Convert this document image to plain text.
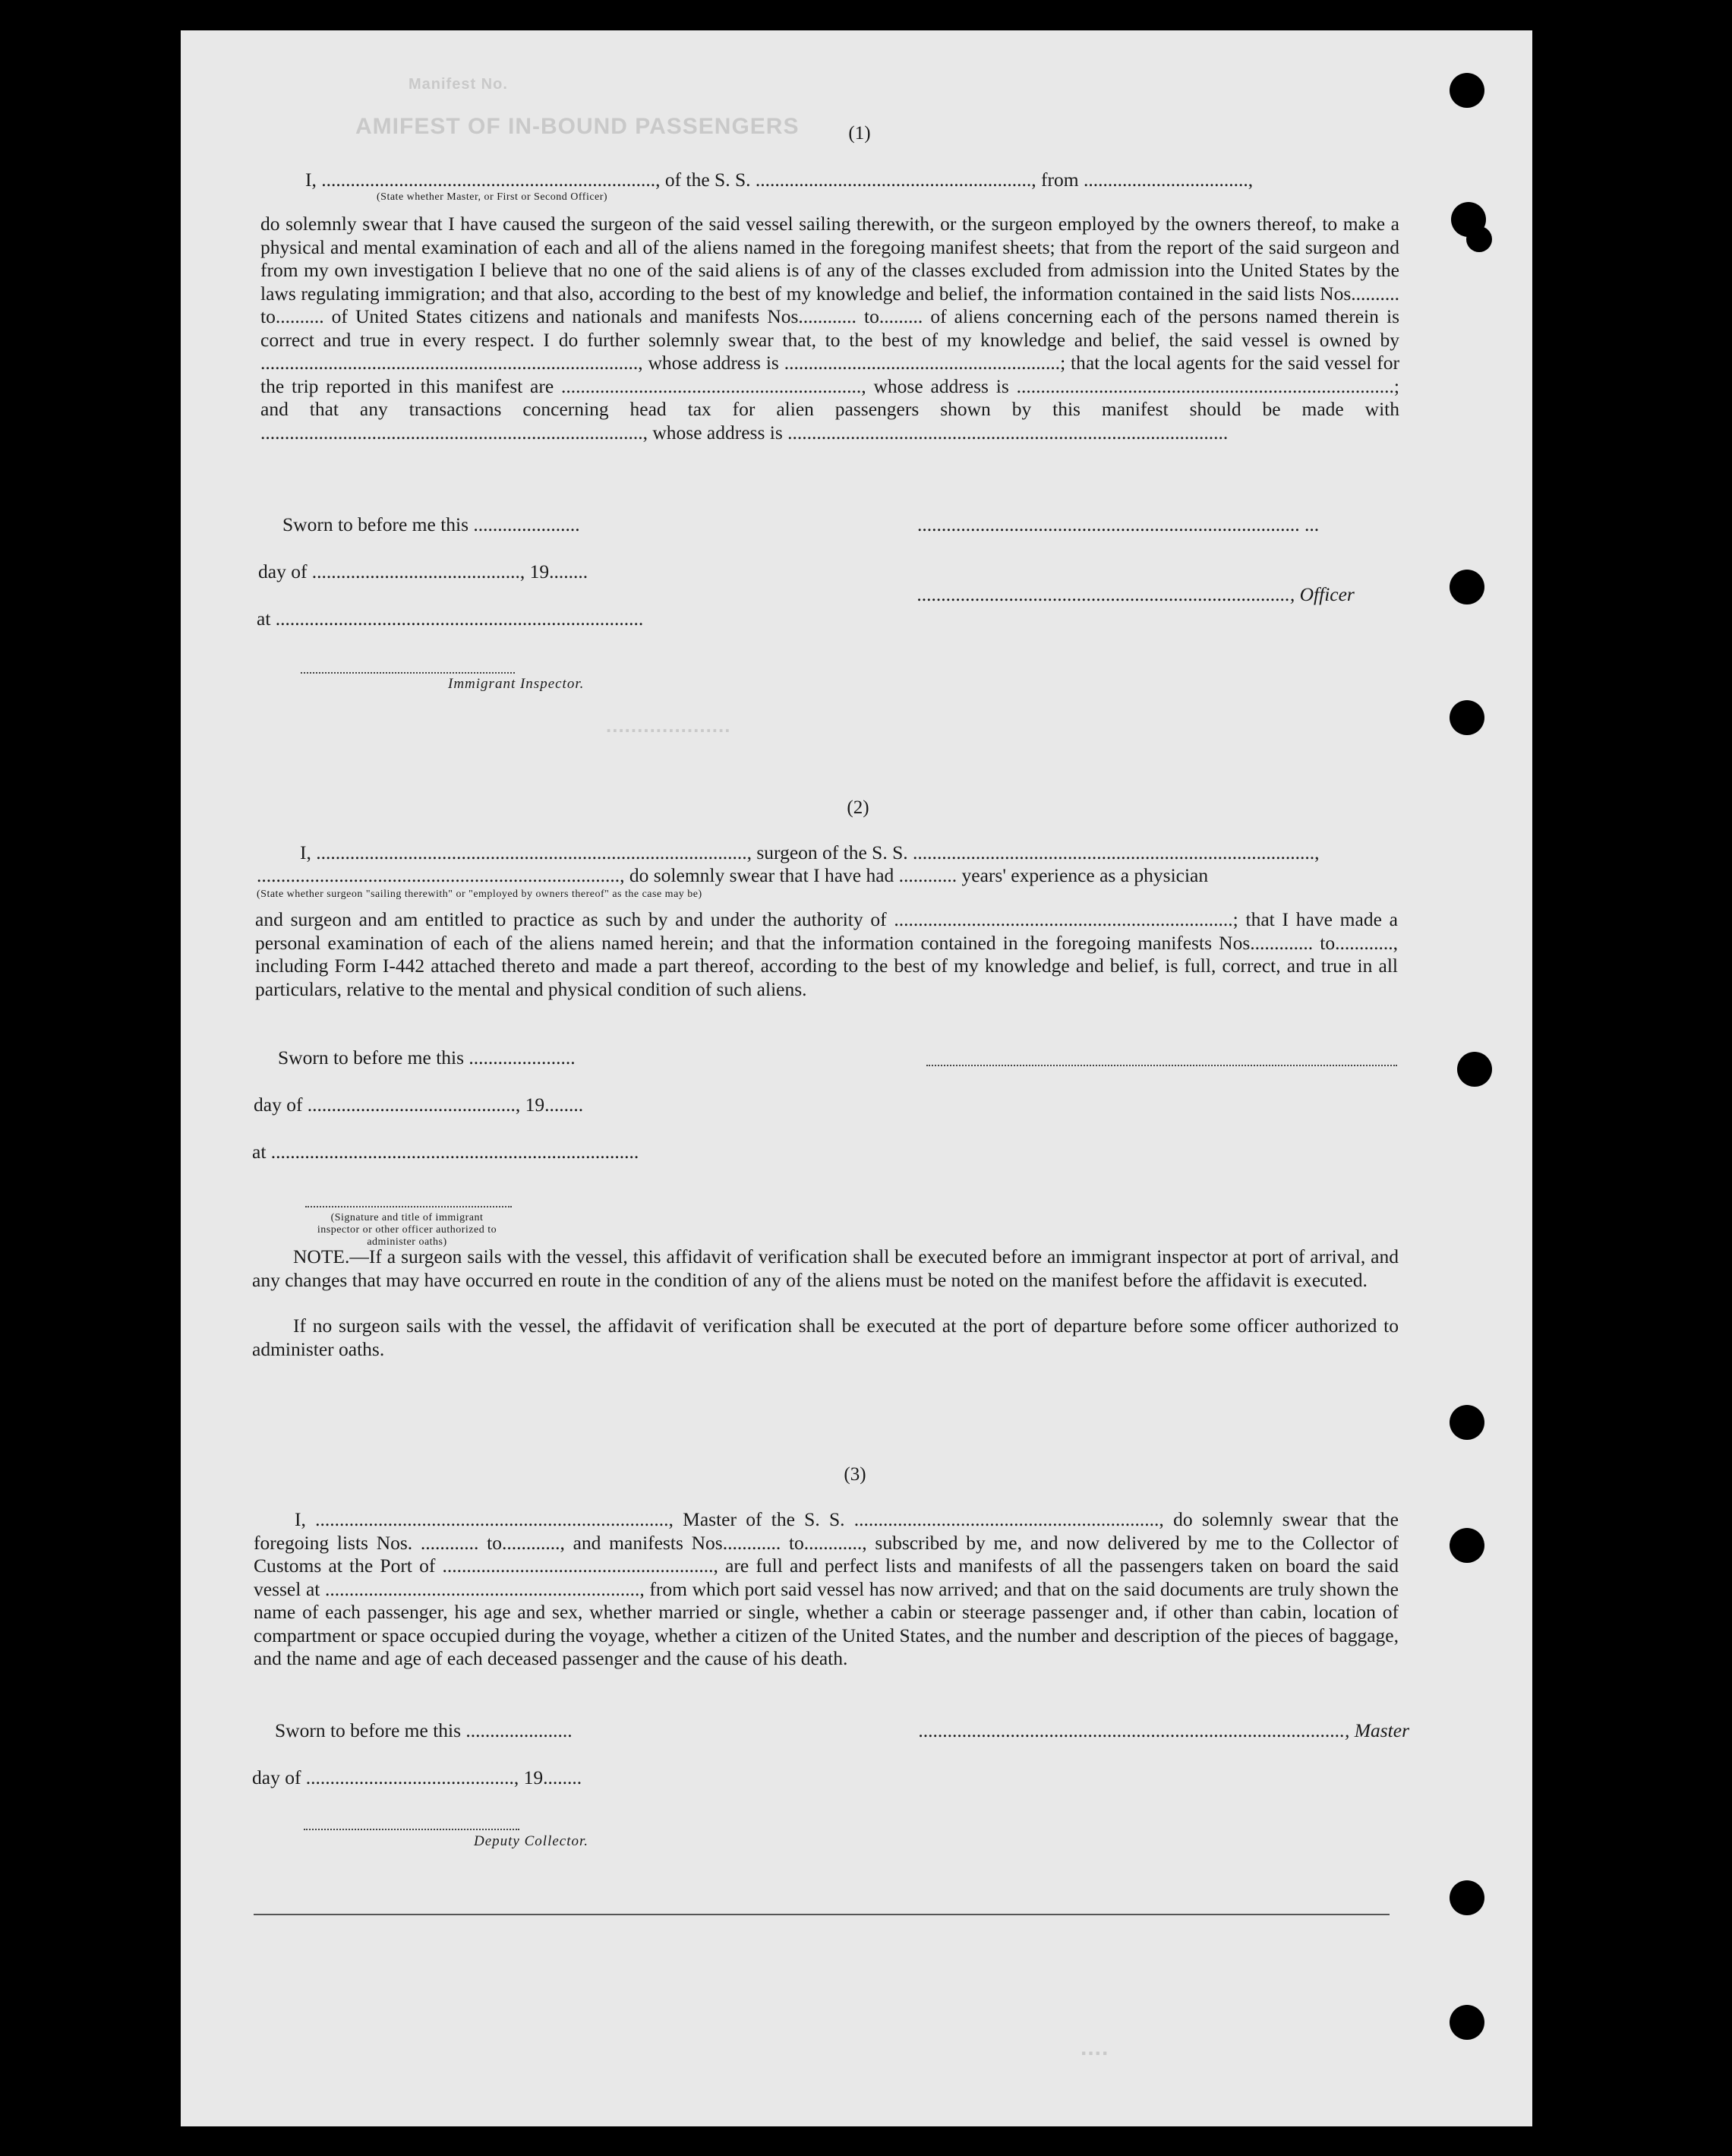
AMIFEST OF IN-BOUND PASSENGERS
Manifest No.
(1)
I, ....................................................................., of the S. S. ........................................................., from ..................................,
(State whether Master, or First or Second Officer)
do solemnly swear that I have caused the surgeon of the said vessel sailing therewith, or the surgeon employed by the owners thereof, to make a physical and mental examination of each and all of the aliens named in the foregoing manifest sheets; that from the report of the said surgeon and from my own investigation I believe that no one of the said aliens is of any of the classes excluded from admission into the United States by the laws regulating immigration; and that also, according to the best of my knowledge and belief, the information contained in the said lists Nos.......... to.......... of United States citizens and nationals and manifests Nos............ to......... of aliens concerning each of the persons named therein is correct and true in every respect. I do further solemnly swear that, to the best of my knowledge and belief, the said vessel is owned by .............................................................................., whose address is .........................................................; that the local agents for the said vessel for the trip reported in this manifest are .............................................................., whose address is ..............................................................................; and that any transactions concerning head tax for alien passengers shown by this manifest should be made with ..............................................................................., whose address is ...........................................................................................
Sworn to before me this ......................	............................................................................... ...
day of ..........................................., 19........
............................................................................., Officer
at ............................................................................
Immigrant Inspector.
....................
(2)
I, ........................................................................................., surgeon of the S. S. ...................................................................................,
..........................................................................., do solemnly swear that I have had ............ years' experience as a physician
(State whether surgeon "sailing therewith" or "employed by owners thereof" as the case may be)
and surgeon and am entitled to practice as such by and under the authority of ......................................................................; that I have made a personal examination of each of the aliens named herein; and that the information contained in the foregoing manifests Nos............. to............, including Form I-442 attached thereto and made a part thereof, according to the best of my knowledge and belief, is full, correct, and true in all particulars, relative to the mental and physical condition of such aliens.
Sworn to before me this ......................
day of ..........................................., 19........
at ............................................................................
(Signature and title of immigrant inspector or other officer authorized to administer oaths)
NOTE.—If a surgeon sails with the vessel, this affidavit of verification shall be executed before an immigrant inspector at port of arrival, and any changes that may have occurred en route in the condition of any of the aliens must be noted on the manifest before the affidavit is executed.
If no surgeon sails with the vessel, the affidavit of verification shall be executed at the port of departure before some officer authorized to administer oaths.
(3)
I, ........................................................................., Master of the S. S. ..............................................................., do solemnly swear that the foregoing lists Nos. ............ to............, and manifests Nos............ to............, subscribed by me, and now delivered by me to the Collector of Customs at the Port of ........................................................, are full and perfect lists and manifests of all the passengers taken on board the said vessel at ................................................................., from which port said vessel has now arrived; and that on the said documents are truly shown the name of each passenger, his age and sex, whether married or single, whether a cabin or steerage passenger and, if other than cabin, location of compartment or space occupied during the voyage, whether a citizen of the United States, and the number and description of the pieces of baggage, and the name and age of each deceased passenger and the cause of his death.
Sworn to before me this ......................	........................................................................................, Master
day of ..........................................., 19........
Deputy Collector.
....
